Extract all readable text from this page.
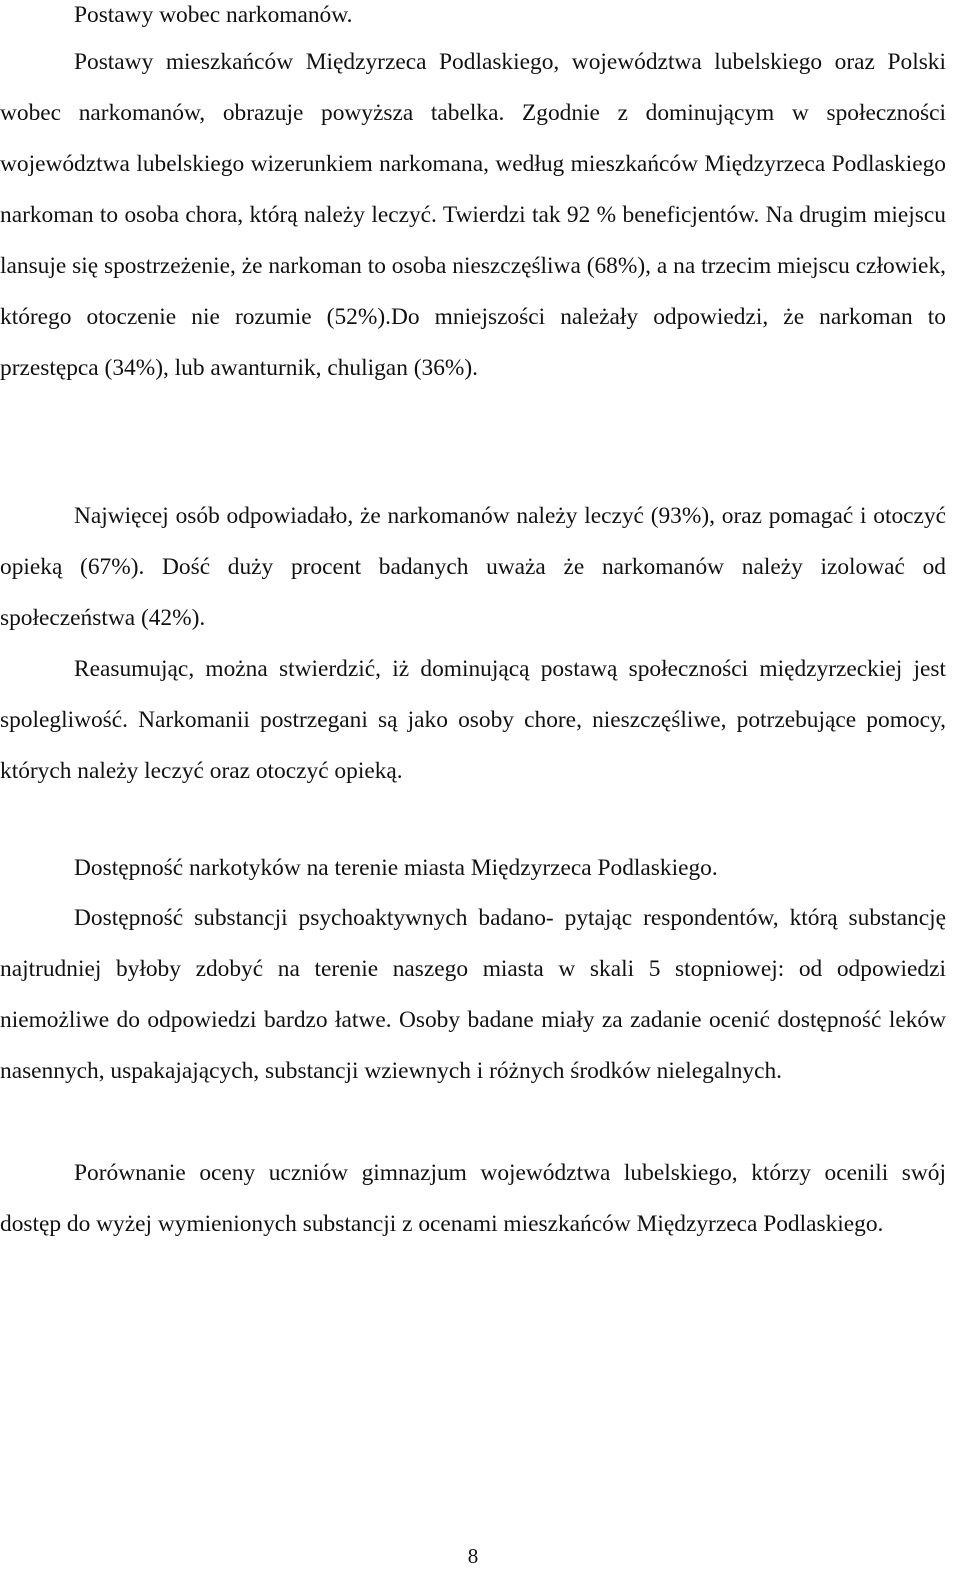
Postawy wobec narkomanów.

Postawy mieszkańców Międzyrzeca Podlaskiego, województwa lubelskiego oraz Polski wobec narkomanów, obrazuje powyższa tabelka. Zgodnie z dominującym w społeczności województwa lubelskiego wizerunkiem narkomana, według mieszkańców Międzyrzeca Podlaskiego narkoman to osoba chora, którą należy leczyć. Twierdzi tak 92 % beneficjentów. Na drugim miejscu lansuje się spostrzeżenie, że narkoman to osoba nieszczęśliwa (68%), a na trzecim miejscu człowiek, którego otoczenie nie rozumie (52%).Do mniejszości należały odpowiedzi, że narkoman to przestępca (34%), lub awanturnik, chuligan (36%).

Najwięcej osób odpowiadało, że narkomanów należy leczyć (93%), oraz pomagać i otoczyć opieką (67%). Dość duży procent badanych uważa że narkomanów należy izolować od społeczeństwa (42%).

Reasumując, można stwierdzić, iż dominującą postawą społeczności międzyrzeckiej jest spolegliwość. Narkomanii postrzegani są jako osoby chore, nieszczęśliwe, potrzebujące pomocy, których należy leczyć oraz otoczyć opieką.

Dostępność narkotyków na terenie miasta Międzyrzeca Podlaskiego.

Dostępność substancji psychoaktywnych badano- pytając respondentów, którą substancję najtrudniej byłoby zdobyć na terenie naszego miasta w skali 5 stopniowej: od odpowiedzi niemożliwe do odpowiedzi bardzo łatwe. Osoby badane miały za zadanie ocenić dostępność leków nasennych, uspakajających, substancji wziewnych i różnych środków nielegalnych.

Porównanie oceny uczniów gimnazjum województwa lubelskiego, którzy ocenili swój dostęp do wyżej wymienionych substancji z ocenami mieszkańców Międzyrzeca Podlaskiego.

8
